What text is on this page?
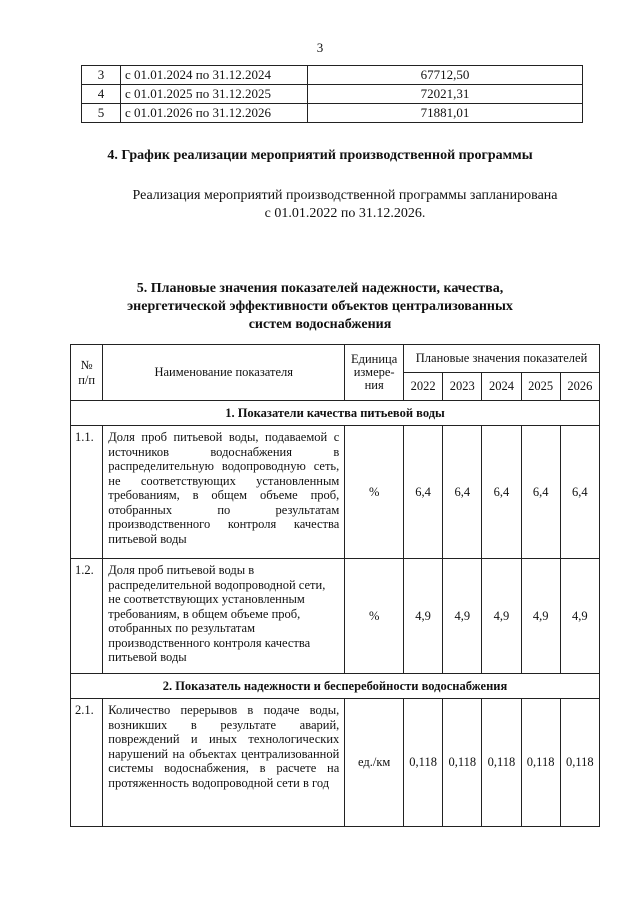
3
3	с 01.01.2024 по 31.12.2024	67712,50
4	с 01.01.2025 по 31.12.2025	72021,31
5	с 01.01.2026 по 31.12.2026	71881,01
4. График реализации мероприятий производственной программы
Реализация мероприятий производственной программы запланирована
с 01.01.2022 по 31.12.2026.
5. Плановые значения показателей надежности, качества,
энергетической эффективности объектов централизованных
систем водоснабжения
№ п/п	Наименование показателя	Единица измере-ния	Плановые значения показателей				
			2022	2023	2024	2025	2026
1. Показатели качества питьевой воды							
1.1.	Доля проб питьевой воды, подаваемой с источников водоснабжения в распределительную водопроводную сеть, не соответствующих установленным требованиям, в общем объеме проб, отобранных по результатам производственного контроля качества питьевой воды	%	6,4	6,4	6,4	6,4	6,4
1.2.	Доля проб питьевой воды в распределительной водопроводной сети, не соответствующих установленным требованиям, в общем объеме проб, отобранных по результатам производственного контроля качества питьевой воды	%	4,9	4,9	4,9	4,9	4,9
2. Показатель надежности и бесперебойности водоснабжения							
2.1.	Количество перерывов в подаче воды, возникших в результате аварий, повреждений и иных технологических нарушений на объектах централизованной системы водоснабжения, в расчете на протяженность водопроводной сети в год	ед./км	0,118	0,118	0,118	0,118	0,118
